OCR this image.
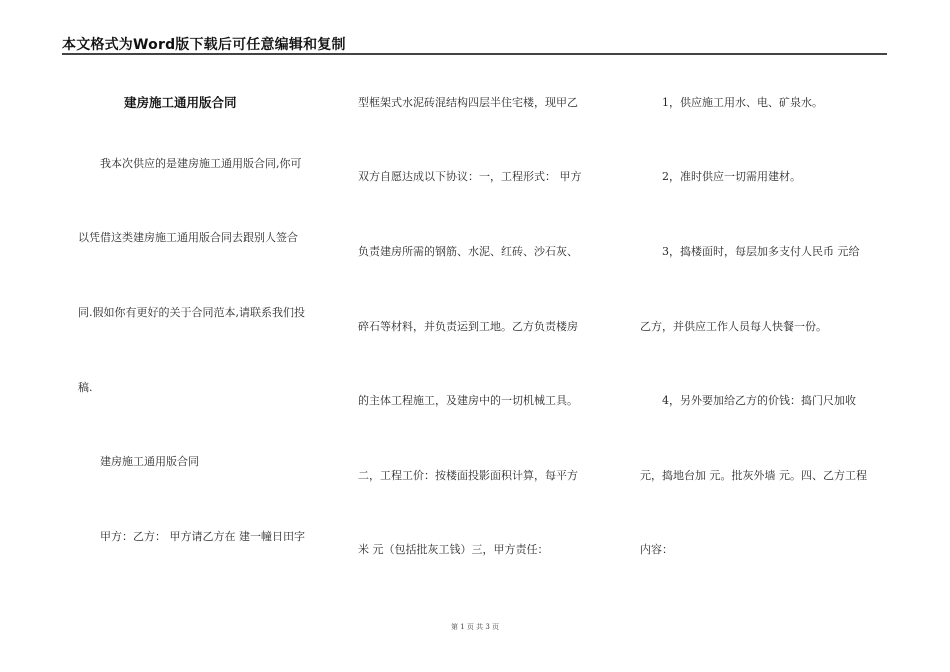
本文格式为Word版下载后可任意编辑和复制
建房施工通用版合同
我本次供应的是建房施工通用版合同,你可
以凭借这类建房施工通用版合同去跟别人签合
同.假如你有更好的关于合同范本,请联系我们投
稿.
建房施工通用版合同
甲方：乙方： 甲方请乙方在 建一幢日田字
型框架式水泥砖混结构四层半住宅楼，现甲乙
双方自愿达成以下协议：一，工程形式： 甲方
负责建房所需的钢筋、水泥、红砖、沙石灰、
碎石等材料，并负责运到工地。乙方负责楼房
的主体工程施工，及建房中的一切机械工具。
二，工程工价：按楼面投影面积计算，每平方
米 元（包括批灰工钱）三，甲方责任：
1，供应施工用水、电、矿泉水。
2，准时供应一切需用建材。
3，捣楼面时，每层加多支付人民币 元给
乙方，并供应工作人员每人快餐一份。
4，另外要加给乙方的价钱：捣门尺加收
元，捣地台加 元。批灰外墙 元。四、乙方工程
内容：
第 1 页 共 3 页
